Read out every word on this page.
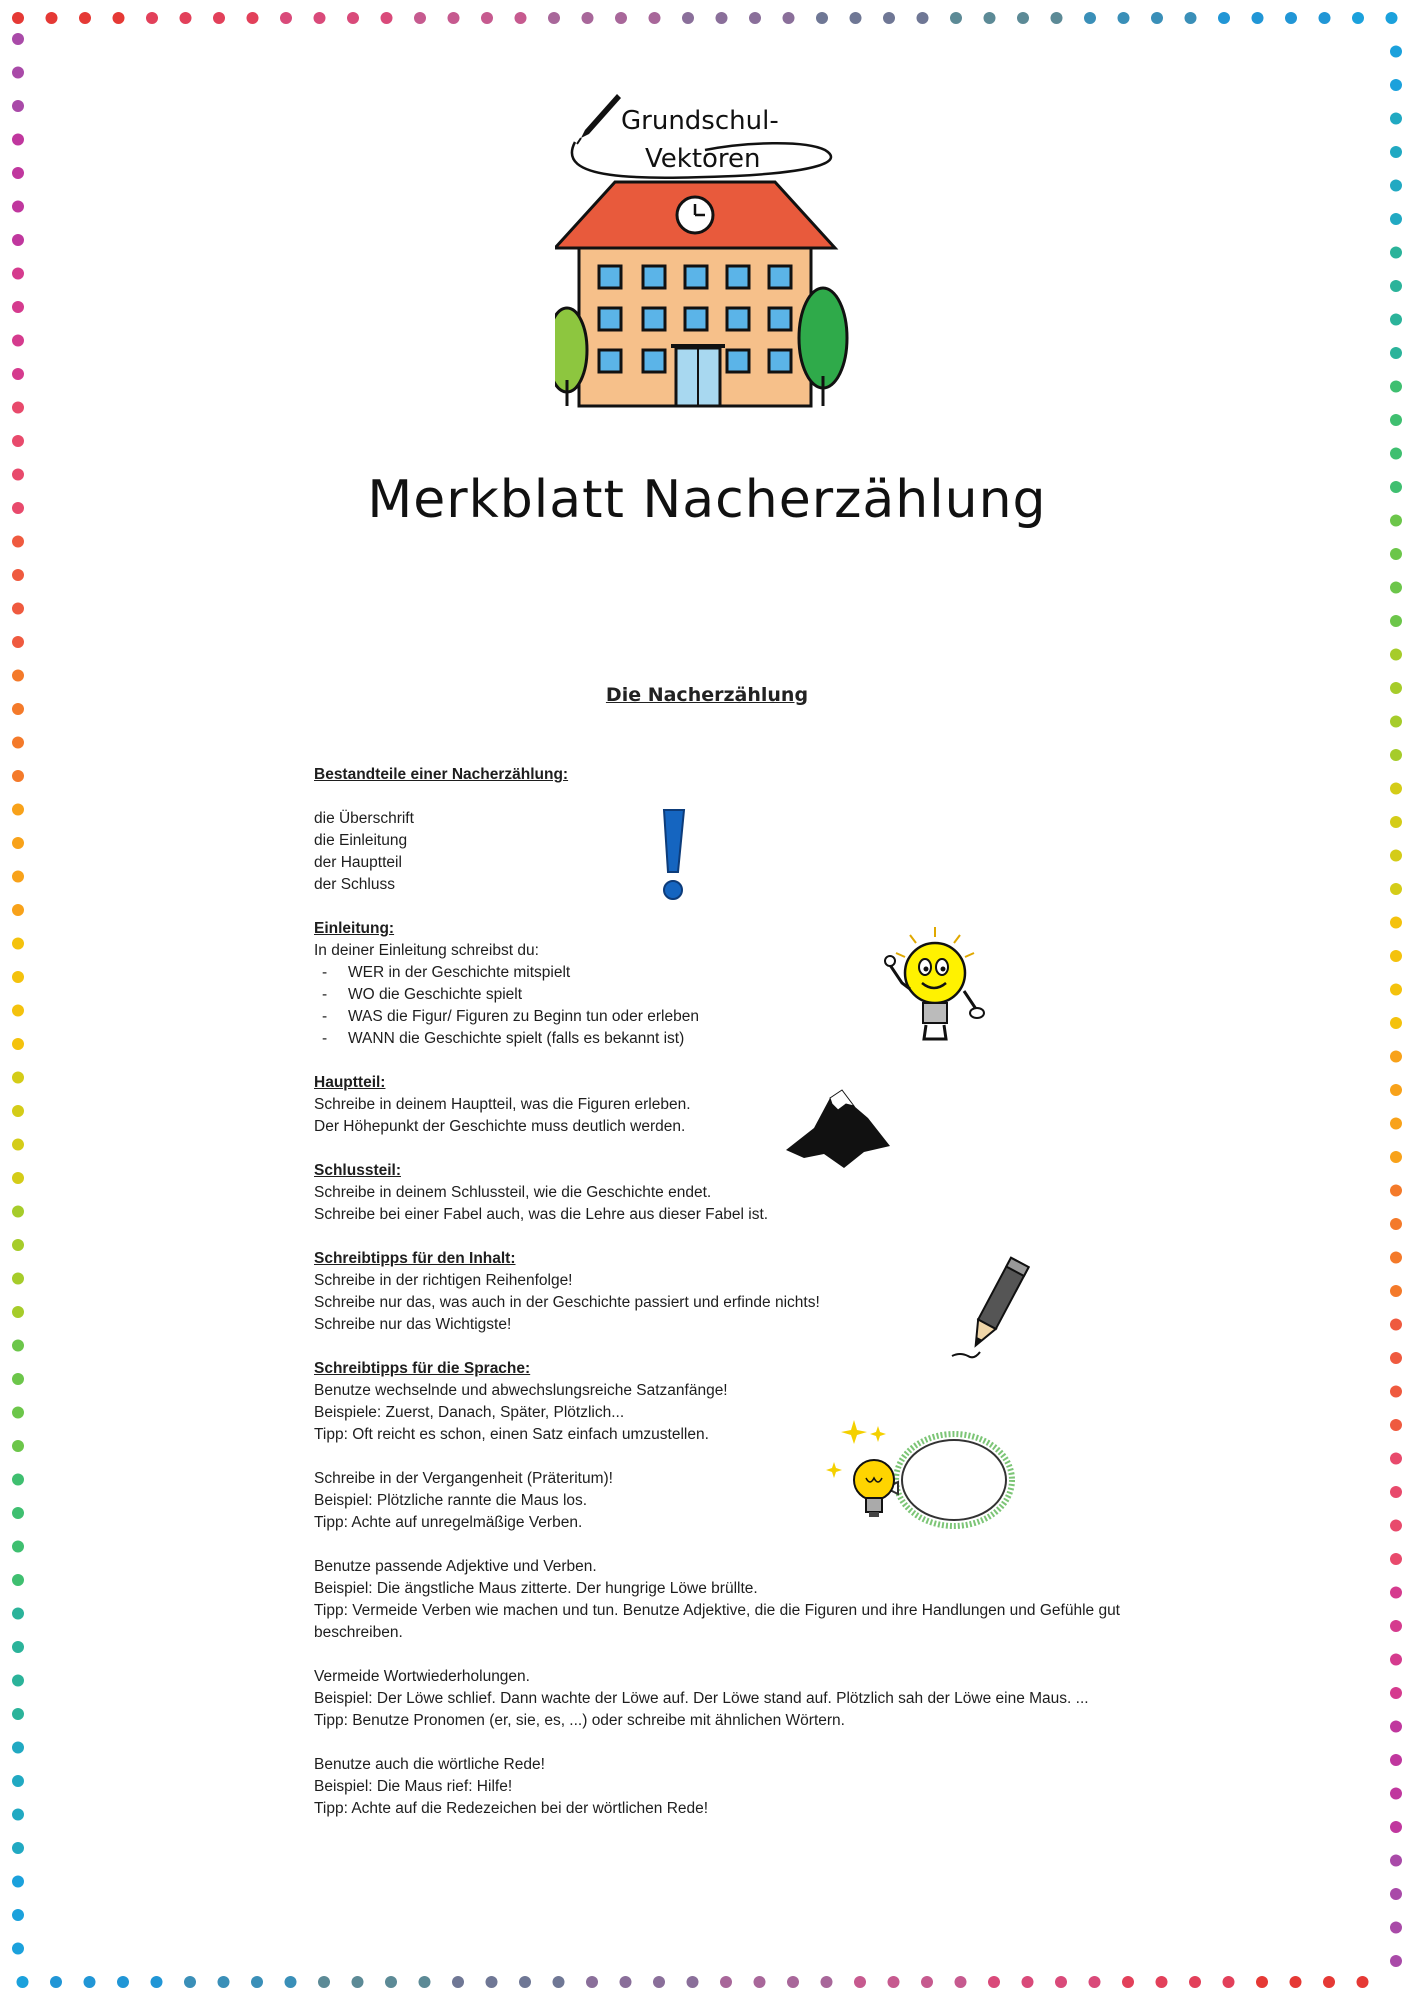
Grundschul-
Vektoren
Merkblatt Nacherzählung
Die Nacherzählung
Bestandteile einer Nacherzählung:

die Überschrift
die Einleitung
der Hauptteil
der Schluss
Einleitung:
In deiner Einleitung schreibst du:
- WER in der Geschichte mitspielt
- WO die Geschichte spielt
- WAS die Figur/ Figuren zu Beginn tun oder erleben
- WANN die Geschichte spielt (falls es bekannt ist)
Hauptteil:
Schreibe in deinem Hauptteil, was die Figuren erleben.
Der Höhepunkt der Geschichte muss deutlich werden.
Schlussteil:
Schreibe in deinem Schlussteil, wie die Geschichte endet.
Schreibe bei einer Fabel auch, was die Lehre aus dieser Fabel ist.
Schreibtipps für den Inhalt:
Schreibe in der richtigen Reihenfolge!
Schreibe nur das, was auch in der Geschichte passiert und erfinde nichts!
Schreibe nur das Wichtigste!
Schreibtipps für die Sprache:
Benutze wechselnde und abwechslungsreiche Satzanfänge!
Beispiele: Zuerst, Danach, Später, Plötzlich...
Tipp: Oft reicht es schon, einen Satz einfach umzustellen.
Schreibe in der Vergangenheit (Präteritum)!
Beispiel: Plötzliche rannte die Maus los.
Tipp: Achte auf unregelmäßige Verben.
Benutze passende Adjektive und Verben.
Beispiel: Die ängstliche Maus zitterte. Der hungrige Löwe brüllte.
Tipp: Vermeide Verben wie machen und tun. Benutze Adjektive, die die Figuren und ihre Handlungen und Gefühle gut beschreiben.
Vermeide Wortwiederholungen.
Beispiel: Der Löwe schlief. Dann wachte der Löwe auf. Der Löwe stand auf. Plötzlich sah der Löwe eine Maus. ...
Tipp: Benutze Pronomen (er, sie, es, ...) oder schreibe mit ähnlichen Wörtern.
Benutze auch die wörtliche Rede!
Beispiel: Die Maus rief: Hilfe!
Tipp: Achte auf die Redezeichen bei der wörtlichen Rede!
